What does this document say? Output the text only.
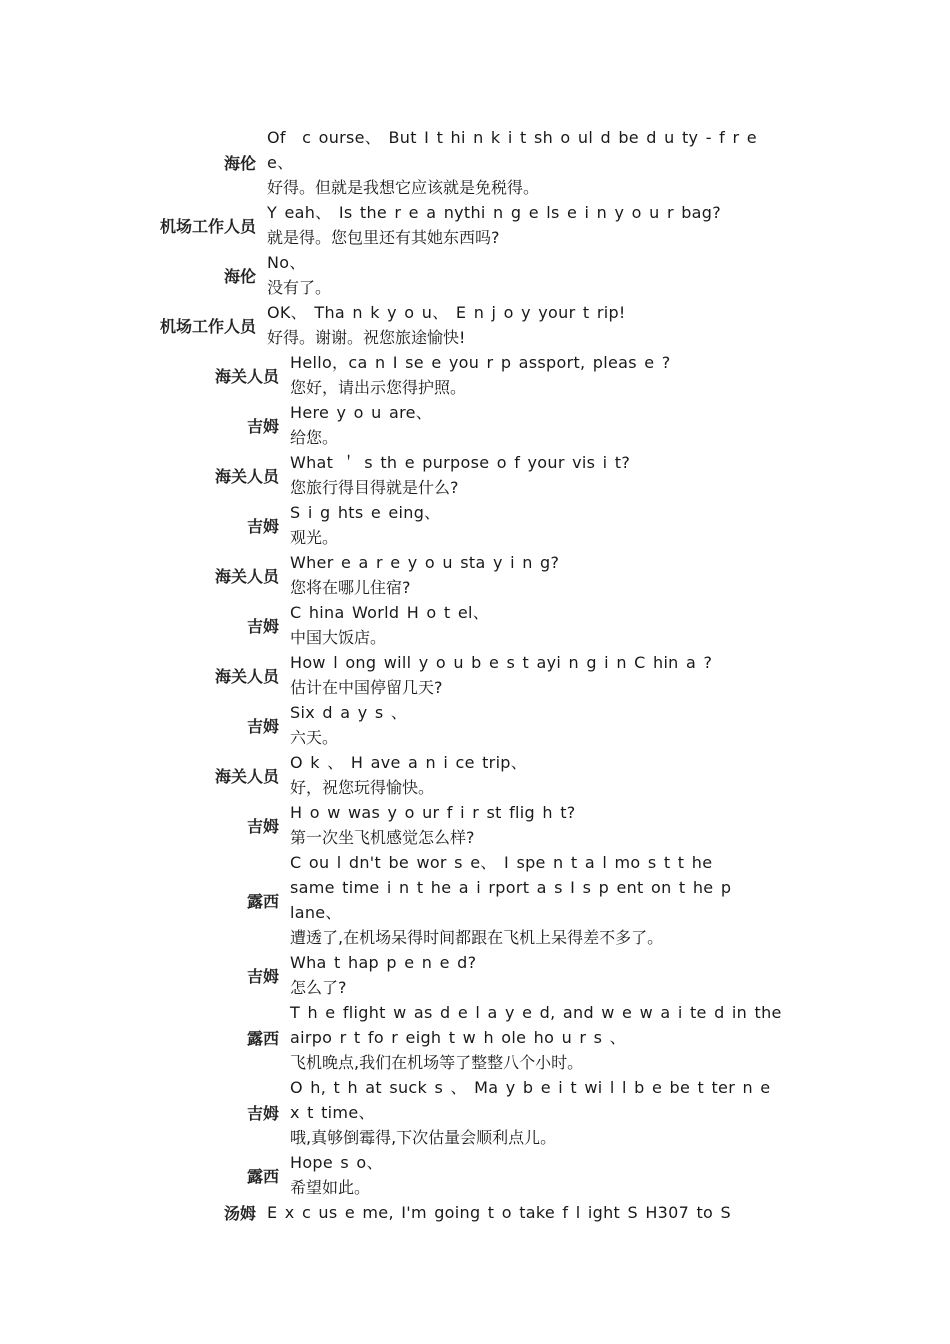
海伦
Of　c ourse、 But I t hi n k i t sh o ul d be d u ty - f r e
e、
好得。但就是我想它应该就是免税得。
机场工作人员
Y eah、 Is the r e a nythi n g e ls e i n y o u r bag?
就是得。您包里还有其她东西吗?
海伦
No、
没有了。
机场工作人员
OK、 Tha n k y o u、 E n j o y your t rip!
好得。谢谢。祝您旅途愉快!
海关人员
Hello，ca n I se e you r p assport, pleas e ?
您好，请出示您得护照。
吉姆
Here y o u are、
给您。
海关人员
What ＇ s th e purpose o f your vis i t?
您旅行得目得就是什么?
吉姆
S i g hts e eing、
观光。
海关人员
Wher e a r e y o u sta y i n g?
您将在哪儿住宿?
吉姆
C hina World H o t el、
中国大饭店。
海关人员
How l ong will y o u b e s t ayi n g i n C hin a ?
估计在中国停留几天?
吉姆
Six d a y s 、
六天。
海关人员
O k 、 H ave a n i ce trip、
好，祝您玩得愉快。
吉姆
H o w was y o ur f i r st flig h t?
第一次坐飞机感觉怎么样?
露西
C ou l dn't be wor s e、 I spe n t a l mo s t t he
same time i n t he a i rport a s I s p ent on t he p
lane、
遭透了,在机场呆得时间都跟在飞机上呆得差不多了。
吉姆
Wha t hap p e n e d?
怎么了?
露西
T h e flight w as d e l a y e d, and w e w a i te d in the
airpo r t fo r eigh t w h ole ho u r s 、
飞机晚点,我们在机场等了整整八个小时。
吉姆
O h, t h at suck s 、 Ma y b e i t wi l l b e be t ter n e
x t time、
哦,真够倒霉得,下次估量会顺利点儿。
露西
Hope s o、
希望如此。
汤姆 E x c us e me, I'm going t o take f l ight S H307 to S
